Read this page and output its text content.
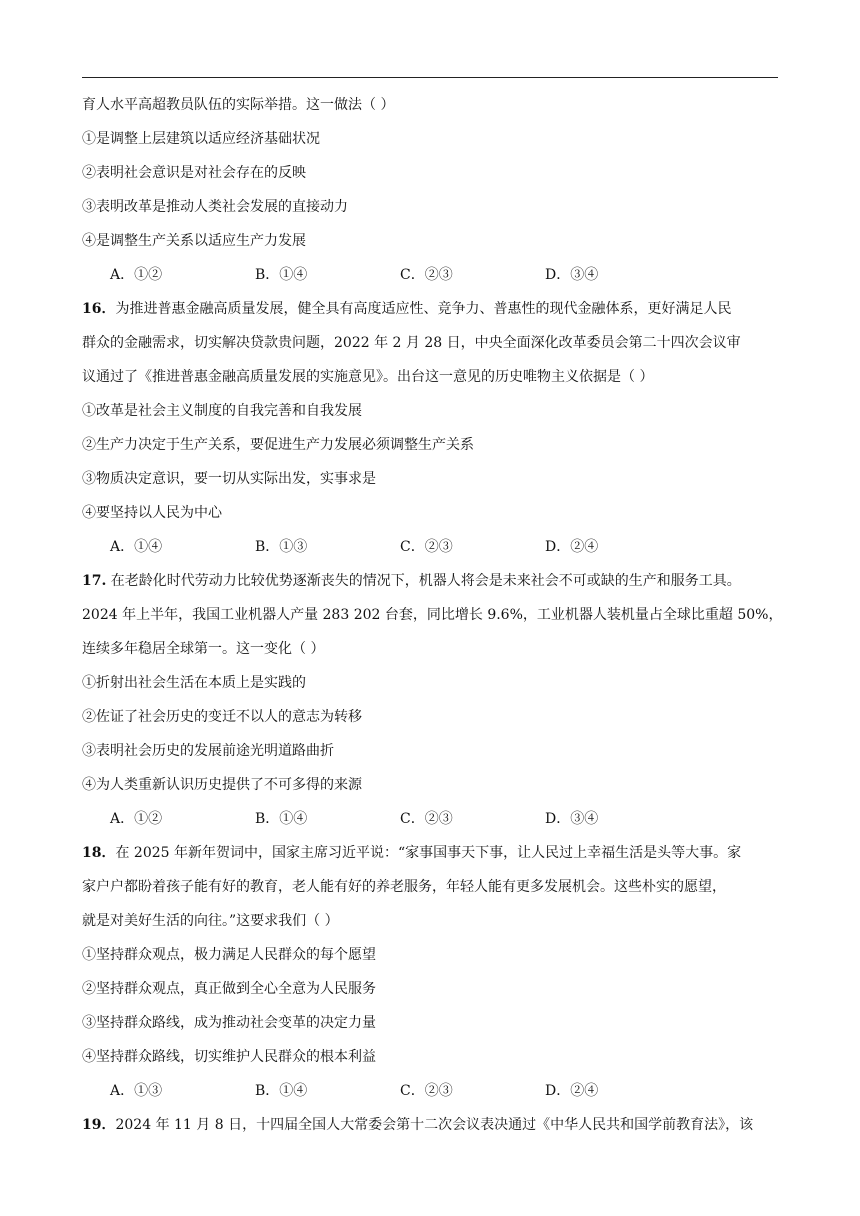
育人水平高超教员队伍的实际举措。这一做法（ ）
①是调整上层建筑以适应经济基础状况
②表明社会意识是对社会存在的反映
③表明改革是推动人类社会发展的直接动力
④是调整生产关系以适应生产力发展
A．①②	B．①④	C．②③	D．③④
16．为推进普惠金融高质量发展，健全具有高度适应性、竞争力、普惠性的现代金融体系，更好满足人民
群众的金融需求，切实解决贷款贵问题，2022 年 2 月 28 日，中央全面深化改革委员会第二十四次会议审
议通过了《推进普惠金融高质量发展的实施意见》。出台这一意见的历史唯物主义依据是（ ）
①改革是社会主义制度的自我完善和自我发展
②生产力决定于生产关系，要促进生产力发展必须调整生产关系
③物质决定意识，要一切从实际出发，实事求是
④要坚持以人民为中心
A．①④	B．①③	C．②③	D．②④
17. 在老龄化时代劳动力比较优势逐渐丧失的情况下，机器人将会是未来社会不可或缺的生产和服务工具。
2024 年上半年，我国工业机器人产量 283 202 台套，同比增长 9.6%，工业机器人装机量占全球比重超 50%，
连续多年稳居全球第一。这一变化（ ）
①折射出社会生活在本质上是实践的
②佐证了社会历史的变迁不以人的意志为转移
③表明社会历史的发展前途光明道路曲折
④为人类重新认识历史提供了不可多得的来源
A．①②	B．①④	C．②③	D．③④
18．在 2025 年新年贺词中，国家主席习近平说：“家事国事天下事，让人民过上幸福生活是头等大事。家
家户户都盼着孩子能有好的教育，老人能有好的养老服务，年轻人能有更多发展机会。这些朴实的愿望，
就是对美好生活的向往。”这要求我们（ ）
①坚持群众观点，极力满足人民群众的每个愿望
②坚持群众观点，真正做到全心全意为人民服务
③坚持群众路线，成为推动社会变革的决定力量
④坚持群众路线，切实维护人民群众的根本利益
A．①③	B．①④	C．②③	D．②④
19．2024 年 11 月 8 日，十四届全国人大常委会第十二次会议表决通过《中华人民共和国学前教育法》，该
